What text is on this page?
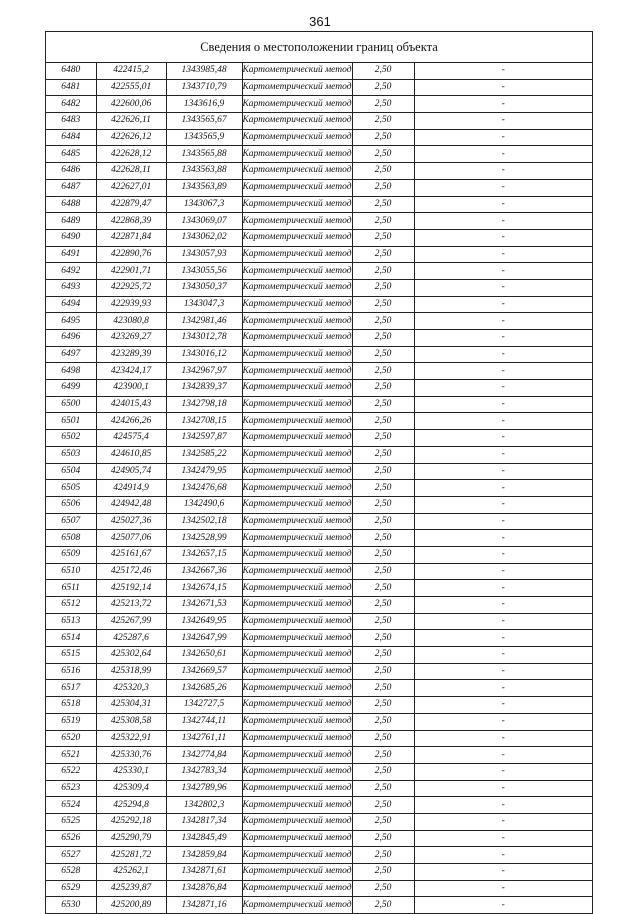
361
Сведения о местоположении границ объекта
6480	422415,2	1343985,48	Картометрический метод	2,50	-
6481	422555,01	1343710,79	Картометрический метод	2,50	-
6482	422600,06	1343616,9	Картометрический метод	2,50	-
6483	422626,11	1343565,67	Картометрический метод	2,50	-
6484	422626,12	1343565,9	Картометрический метод	2,50	-
6485	422628,12	1343565,88	Картометрический метод	2,50	-
6486	422628,11	1343563,88	Картометрический метод	2,50	-
6487	422627,01	1343563,89	Картометрический метод	2,50	-
6488	422879,47	1343067,3	Картометрический метод	2,50	-
6489	422868,39	1343069,07	Картометрический метод	2,50	-
6490	422871,84	1343062,02	Картометрический метод	2,50	-
6491	422890,76	1343057,93	Картометрический метод	2,50	-
6492	422901,71	1343055,56	Картометрический метод	2,50	-
6493	422925,72	1343050,37	Картометрический метод	2,50	-
6494	422939,93	1343047,3	Картометрический метод	2,50	-
6495	423080,8	1342981,46	Картометрический метод	2,50	-
6496	423269,27	1343012,78	Картометрический метод	2,50	-
6497	423289,39	1343016,12	Картометрический метод	2,50	-
6498	423424,17	1342967,97	Картометрический метод	2,50	-
6499	423900,1	1342839,37	Картометрический метод	2,50	-
6500	424015,43	1342798,18	Картометрический метод	2,50	-
6501	424266,26	1342708,15	Картометрический метод	2,50	-
6502	424575,4	1342597,87	Картометрический метод	2,50	-
6503	424610,85	1342585,22	Картометрический метод	2,50	-
6504	424905,74	1342479,95	Картометрический метод	2,50	-
6505	424914,9	1342476,68	Картометрический метод	2,50	-
6506	424942,48	1342490,6	Картометрический метод	2,50	-
6507	425027,36	1342502,18	Картометрический метод	2,50	-
6508	425077,06	1342528,99	Картометрический метод	2,50	-
6509	425161,67	1342657,15	Картометрический метод	2,50	-
6510	425172,46	1342667,36	Картометрический метод	2,50	-
6511	425192,14	1342674,15	Картометрический метод	2,50	-
6512	425213,72	1342671,53	Картометрический метод	2,50	-
6513	425267,99	1342649,95	Картометрический метод	2,50	-
6514	425287,6	1342647,99	Картометрический метод	2,50	-
6515	425302,64	1342650,61	Картометрический метод	2,50	-
6516	425318,99	1342669,57	Картометрический метод	2,50	-
6517	425320,3	1342685,26	Картометрический метод	2,50	-
6518	425304,31	1342727,5	Картометрический метод	2,50	-
6519	425308,58	1342744,11	Картометрический метод	2,50	-
6520	425322,91	1342761,11	Картометрический метод	2,50	-
6521	425330,76	1342774,84	Картометрический метод	2,50	-
6522	425330,1	1342783,34	Картометрический метод	2,50	-
6523	425309,4	1342789,96	Картометрический метод	2,50	-
6524	425294,8	1342802,3	Картометрический метод	2,50	-
6525	425292,18	1342817,34	Картометрический метод	2,50	-
6526	425290,79	1342845,49	Картометрический метод	2,50	-
6527	425281,72	1342859,84	Картометрический метод	2,50	-
6528	425262,1	1342871,61	Картометрический метод	2,50	-
6529	425239,87	1342876,84	Картометрический метод	2,50	-
6530	425200,89	1342871,16	Картометрический метод	2,50	-
